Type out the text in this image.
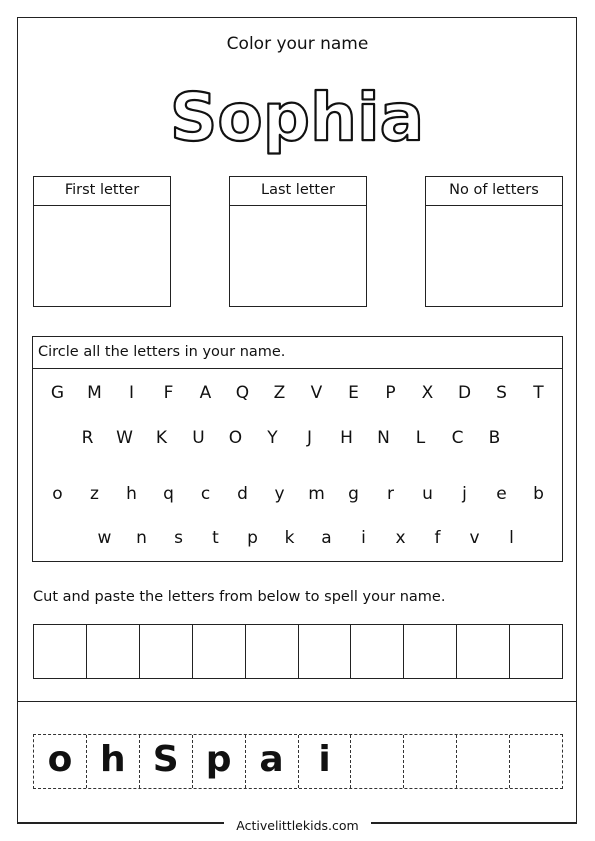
Color your name
Sophia
First letter	Last letter	No of letters
Circle all the letters in your name.
G	M	I	F	A	Q	Z	V	E	P	X	D	S	T
R	W	K	U	O	Y	J	H	N	L	C	B
o	z	h	q	c	d	y	m	g	r	u	j	e	b
w	n	s	t	p	k	a	i	x	f	v	l
Cut and paste the letters from below to spell your name.
o h S p a i
Activelittlekids.com
